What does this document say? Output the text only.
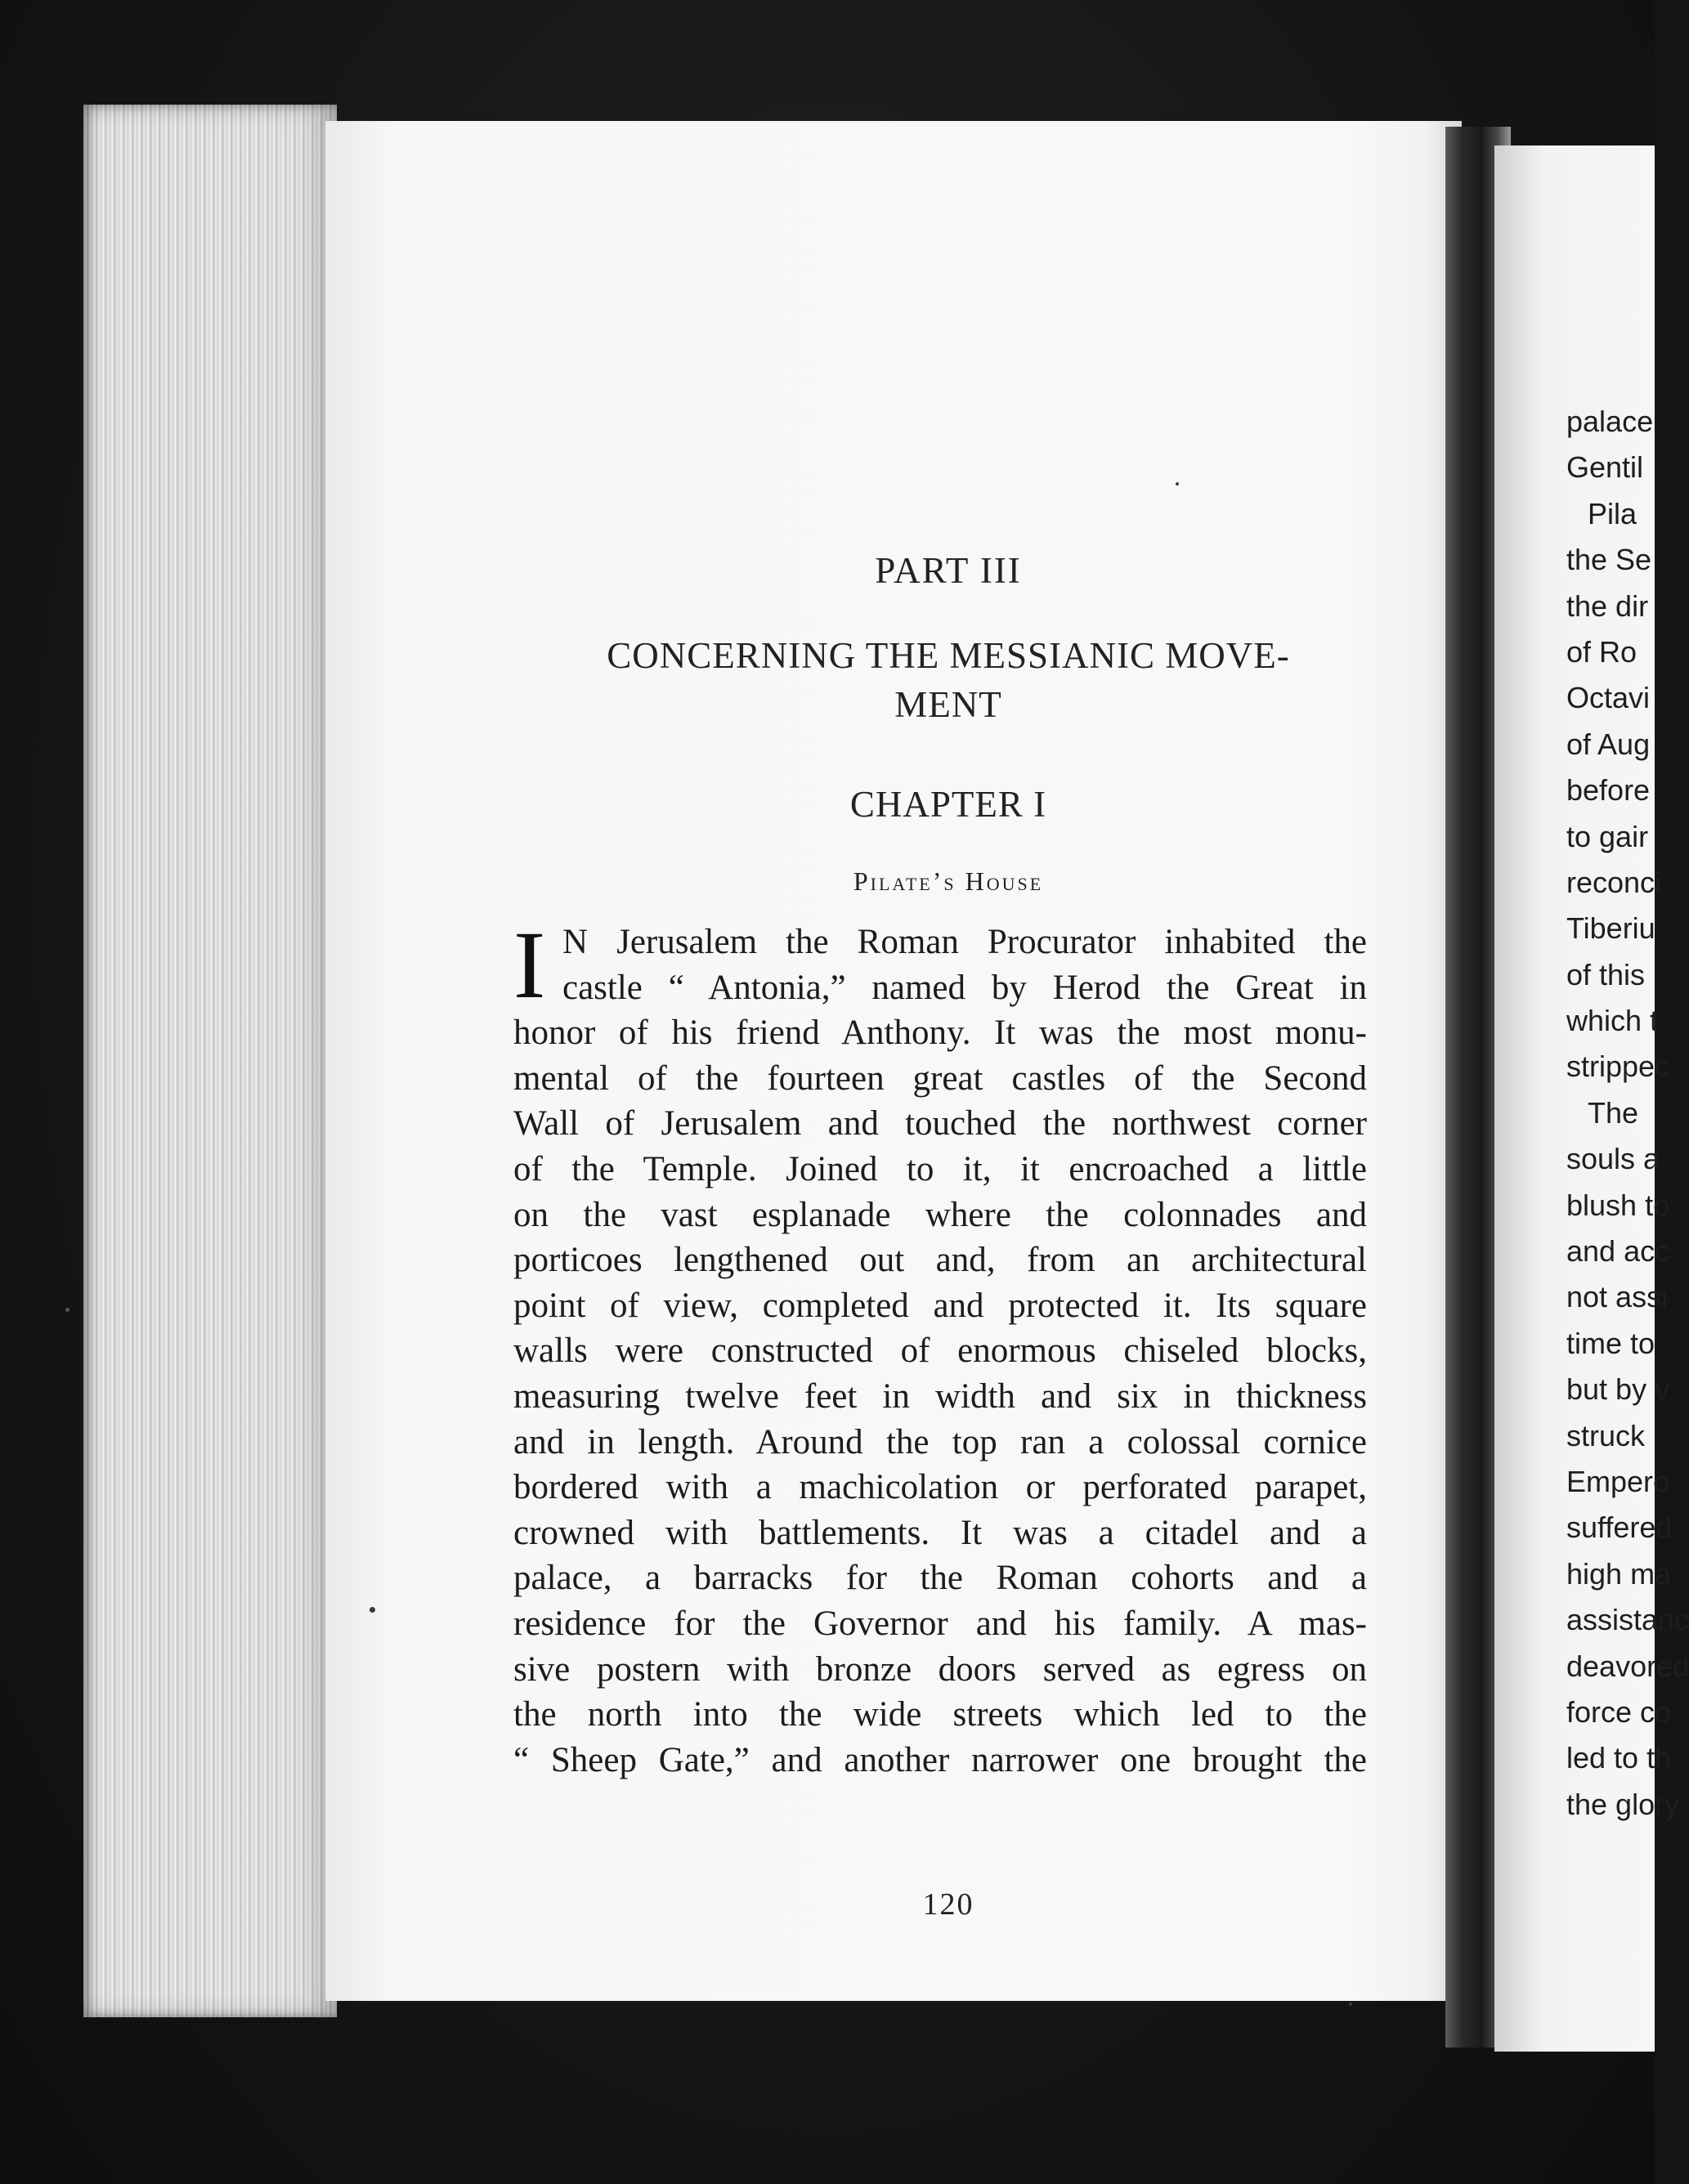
PART III
CONCERNING THE MESSIANIC MOVE-
MENT
CHAPTER I
Pilate’s House
I N Jerusalem the Roman Procurator inhabited the
castle “ Antonia,” named by Herod the Great in
honor of his friend Anthony. It was the most monu-
mental of the fourteen great castles of the Second
Wall of Jerusalem and touched the northwest corner
of the Temple. Joined to it, it encroached a little
on the vast esplanade where the colonnades and
porticoes lengthened out and, from an architectural
point of view, completed and protected it. Its square
walls were constructed of enormous chiseled blocks,
measuring twelve feet in width and six in thickness
and in length. Around the top ran a colossal cornice
bordered with a machicolation or perforated parapet,
crowned with battlements. It was a citadel and a
palace, a barracks for the Roman cohorts and a
residence for the Governor and his family. A mas-
sive postern with bronze doors served as egress on
the north into the wide streets which led to the
“ Sheep Gate,” and another narrower one brought the
120
palace
Gentil
Pila
the Se
the dir
of Ro
Octavi
of Aug
before
to gair
reconci
Tiberiu
of this
which t
strippec
The
souls a
blush to
and acc
not assi
time to
but by v
struck
Empero
suffered
high ma
assistanc
deavored
force co
led to th
the glory
